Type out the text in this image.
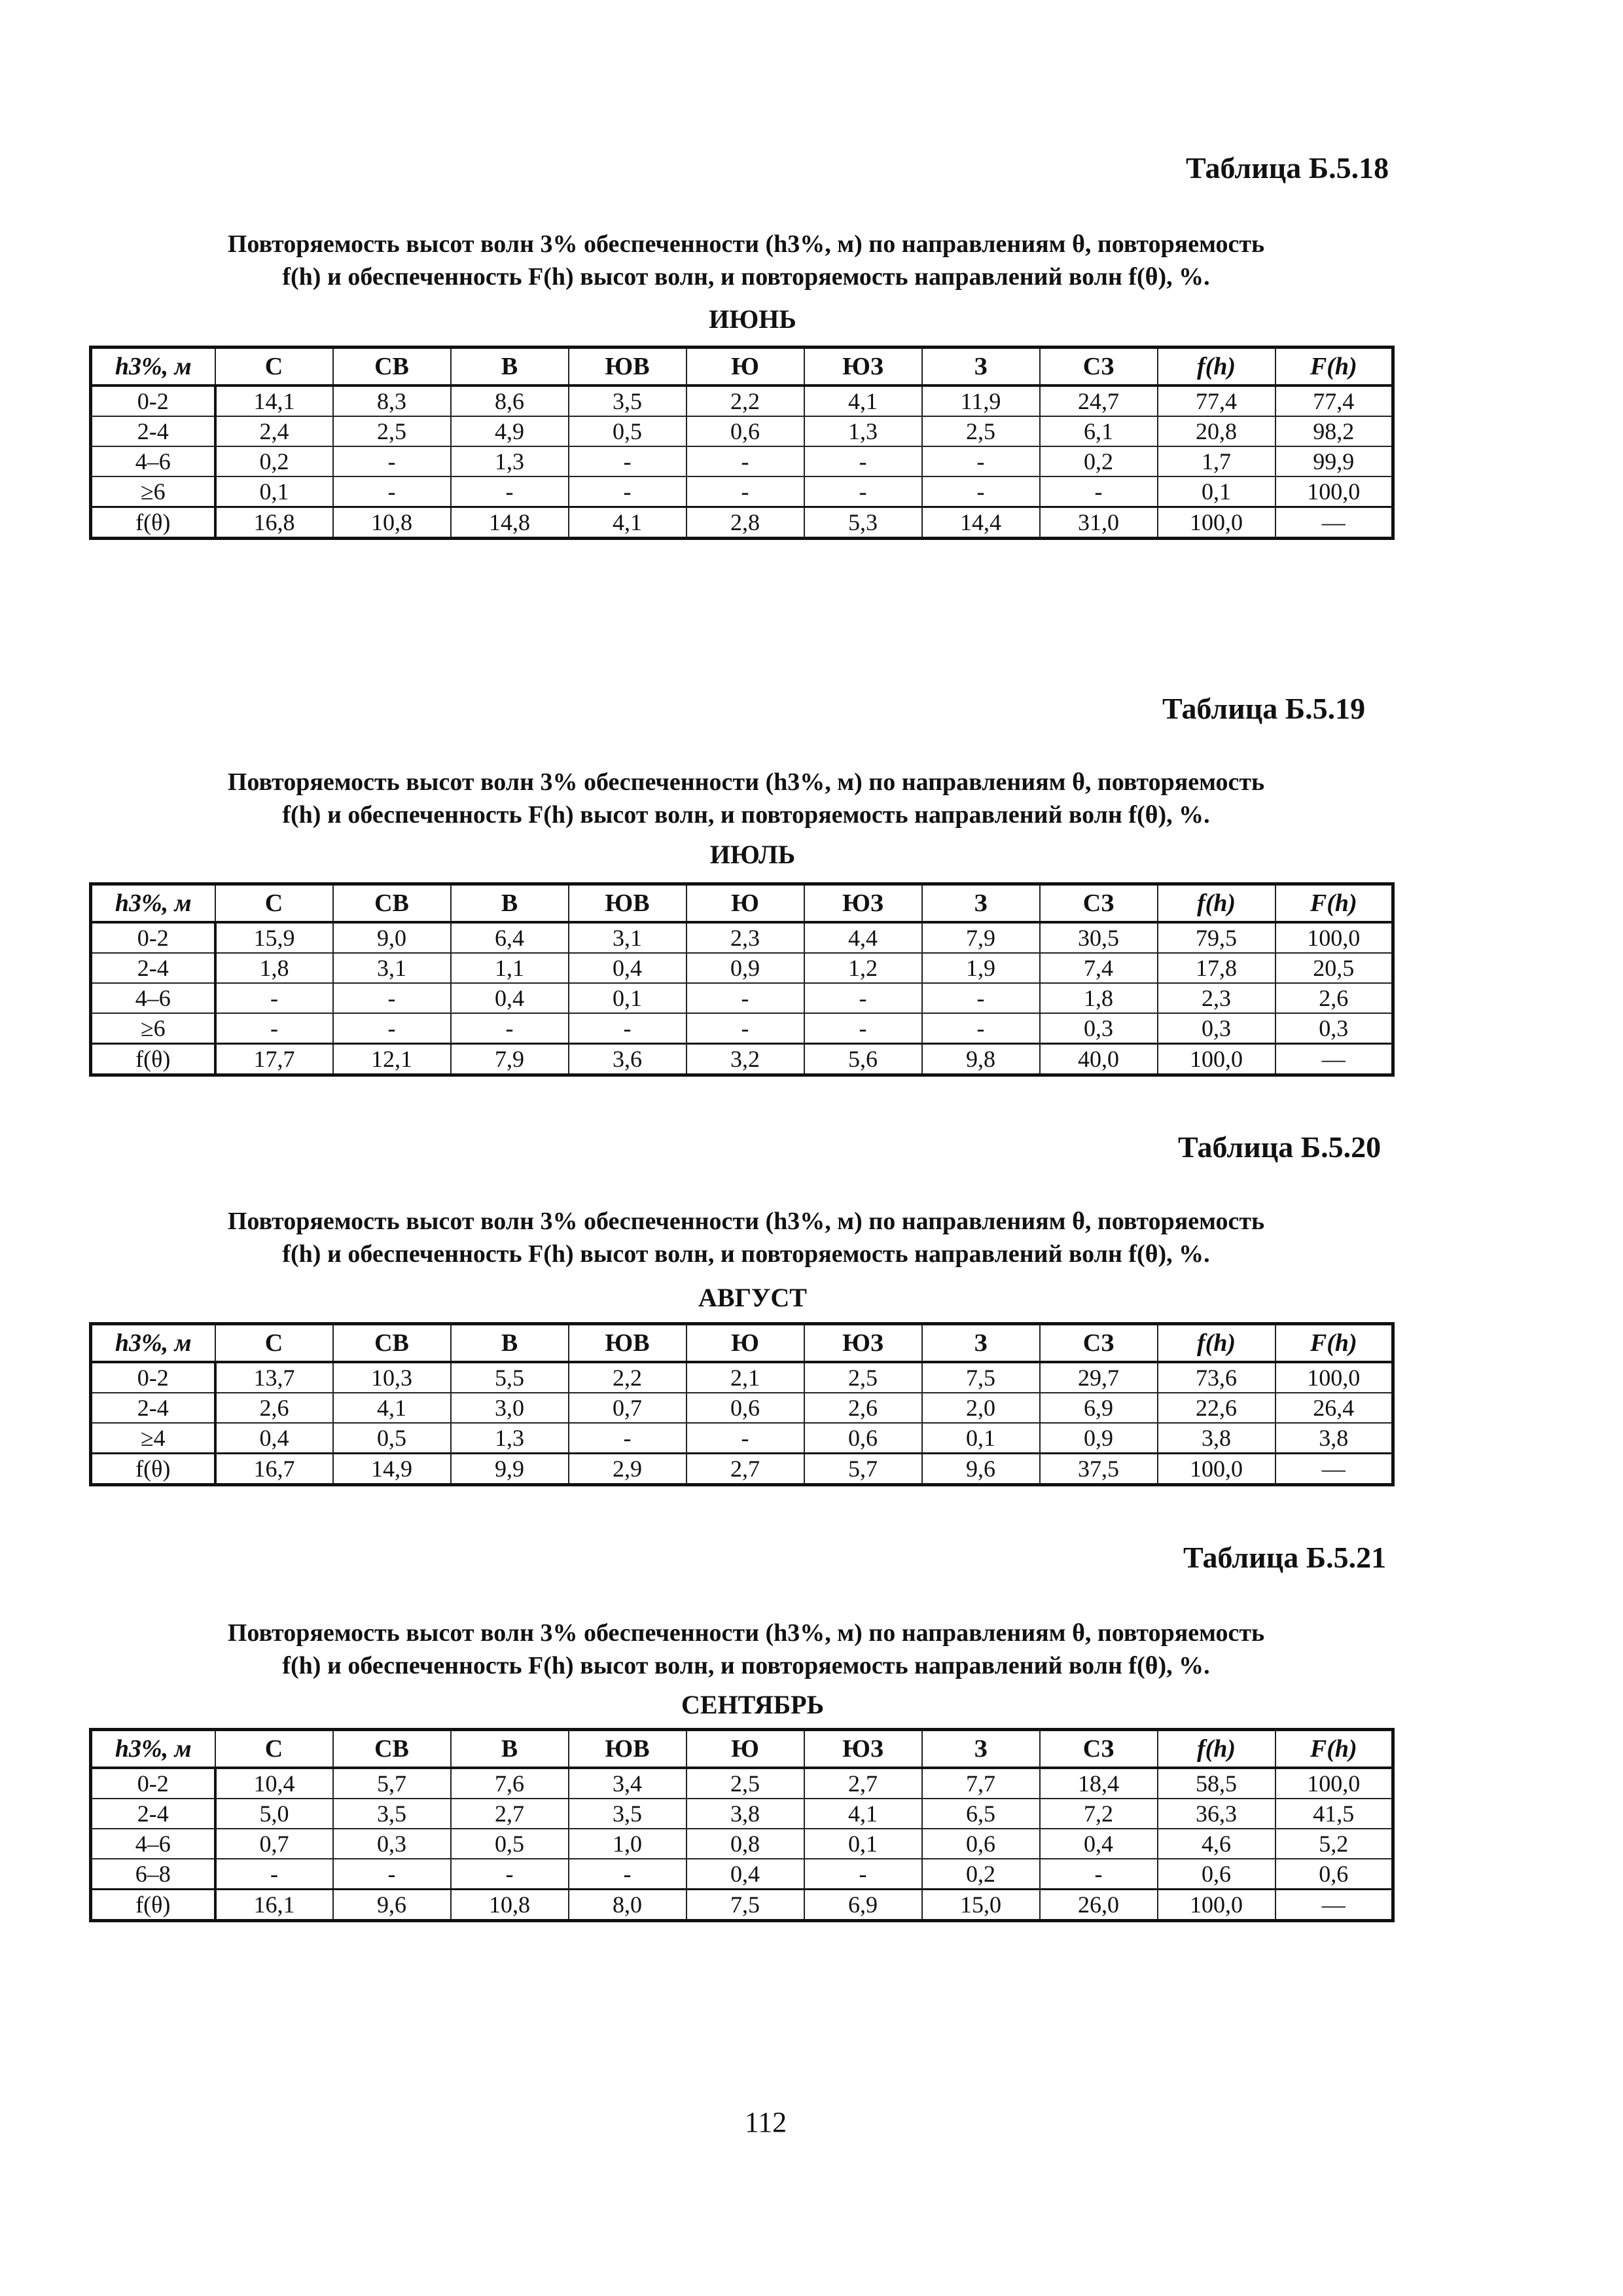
Таблица Б.5.18
Повторяемость высот волн 3% обеспеченности (h3%, м) по направлениям θ, повторяемость
f(h) и обеспеченность F(h) высот волн, и повторяемость направлений волн f(θ), %.
ИЮНЬ
h3%, м	С	СВ	В	ЮВ	Ю	ЮЗ	З	СЗ	f(h)	F(h)
0-2	14,1	8,3	8,6	3,5	2,2	4,1	11,9	24,7	77,4	77,4
2-4	2,4	2,5	4,9	0,5	0,6	1,3	2,5	6,1	20,8	98,2
4–6	0,2	-	1,3	-	-	-	-	0,2	1,7	99,9
≥6	0,1	-	-	-	-	-	-	-	0,1	100,0
f(θ)	16,8	10,8	14,8	4,1	2,8	5,3	14,4	31,0	100,0	—
Таблица Б.5.19
Повторяемость высот волн 3% обеспеченности (h3%, м) по направлениям θ, повторяемость
f(h) и обеспеченность F(h) высот волн, и повторяемость направлений волн f(θ), %.
ИЮЛЬ
h3%, м	С	СВ	В	ЮВ	Ю	ЮЗ	З	СЗ	f(h)	F(h)
0-2	15,9	9,0	6,4	3,1	2,3	4,4	7,9	30,5	79,5	100,0
2-4	1,8	3,1	1,1	0,4	0,9	1,2	1,9	7,4	17,8	20,5
4–6	-	-	0,4	0,1	-	-	-	1,8	2,3	2,6
≥6	-	-	-	-	-	-	-	0,3	0,3	0,3
f(θ)	17,7	12,1	7,9	3,6	3,2	5,6	9,8	40,0	100,0	—
Таблица Б.5.20
Повторяемость высот волн 3% обеспеченности (h3%, м) по направлениям θ, повторяемость
f(h) и обеспеченность F(h) высот волн, и повторяемость направлений волн f(θ), %.
АВГУСТ
h3%, м	С	СВ	В	ЮВ	Ю	ЮЗ	З	СЗ	f(h)	F(h)
0-2	13,7	10,3	5,5	2,2	2,1	2,5	7,5	29,7	73,6	100,0
2-4	2,6	4,1	3,0	0,7	0,6	2,6	2,0	6,9	22,6	26,4
≥4	0,4	0,5	1,3	-	-	0,6	0,1	0,9	3,8	3,8
f(θ)	16,7	14,9	9,9	2,9	2,7	5,7	9,6	37,5	100,0	—
Таблица Б.5.21
Повторяемость высот волн 3% обеспеченности (h3%, м) по направлениям θ, повторяемость
f(h) и обеспеченность F(h) высот волн, и повторяемость направлений волн f(θ), %.
СЕНТЯБРЬ
h3%, м	С	СВ	В	ЮВ	Ю	ЮЗ	З	СЗ	f(h)	F(h)
0-2	10,4	5,7	7,6	3,4	2,5	2,7	7,7	18,4	58,5	100,0
2-4	5,0	3,5	2,7	3,5	3,8	4,1	6,5	7,2	36,3	41,5
4–6	0,7	0,3	0,5	1,0	0,8	0,1	0,6	0,4	4,6	5,2
6–8	-	-	-	-	0,4	-	0,2	-	0,6	0,6
f(θ)	16,1	9,6	10,8	8,0	7,5	6,9	15,0	26,0	100,0	—
112
